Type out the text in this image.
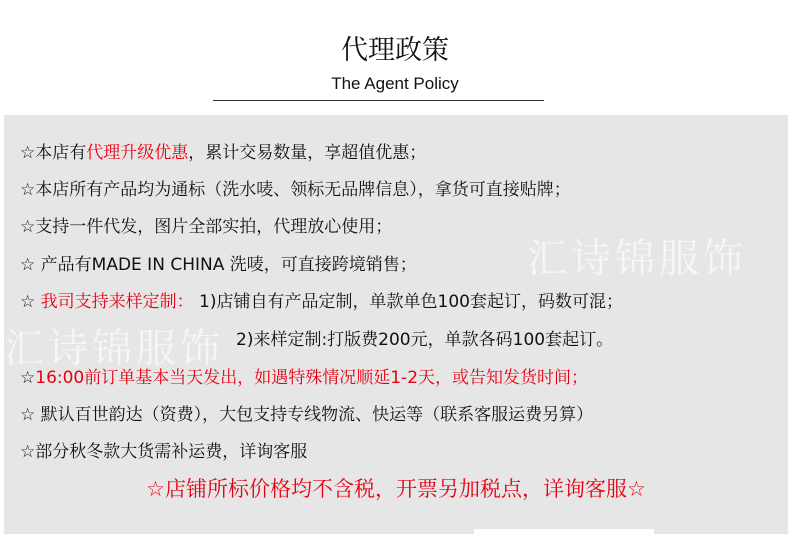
代理政策
The Agent Policy
汇诗锦服饰
汇诗锦服饰
☆本店有代理升级优惠，累计交易数量，享超值优惠；
☆本店所有产品均为通标（洗水唛、领标无品牌信息），拿货可直接贴牌；
☆支持一件代发，图片全部实拍，代理放心使用；
☆ 产品有MADE IN CHINA 洗唛，可直接跨境销售；
☆ 我司支持来样定制： 1)店铺自有产品定制，单款单色100套起订，码数可混；
2)来样定制:打版费200元，单款各码100套起订。
☆16:00前订单基本当天发出，如遇特殊情况顺延1-2天，或告知发货时间；
☆ 默认百世韵达（资费），大包支持专线物流、快运等（联系客服运费另算）
☆部分秋冬款大货需补运费，详询客服
☆店铺所标价格均不含税，开票另加税点，详询客服☆
